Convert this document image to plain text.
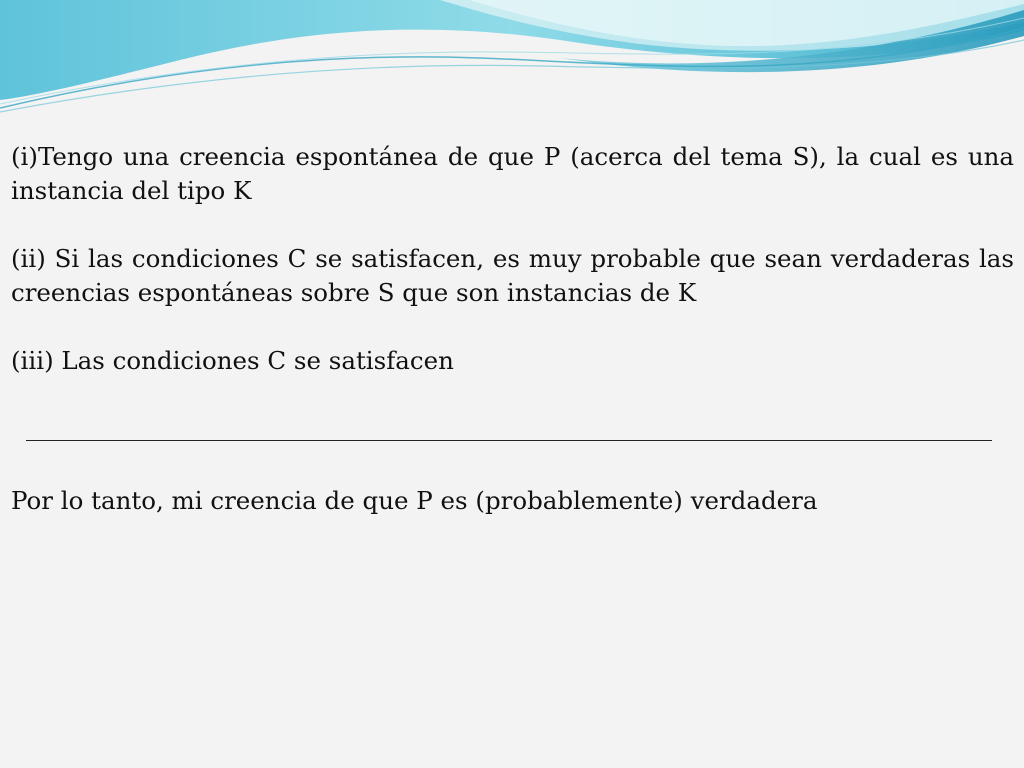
(i)Tengo una creencia espontánea de que P (acerca del tema S), la cual es una instancia del tipo K

(ii) Si las condiciones C se satisfacen, es muy probable que sean verdaderas las creencias espontáneas sobre S que son instancias de K

(iii) Las condiciones C se satisfacen

Por lo tanto, mi creencia de que P es (probablemente) verdadera
